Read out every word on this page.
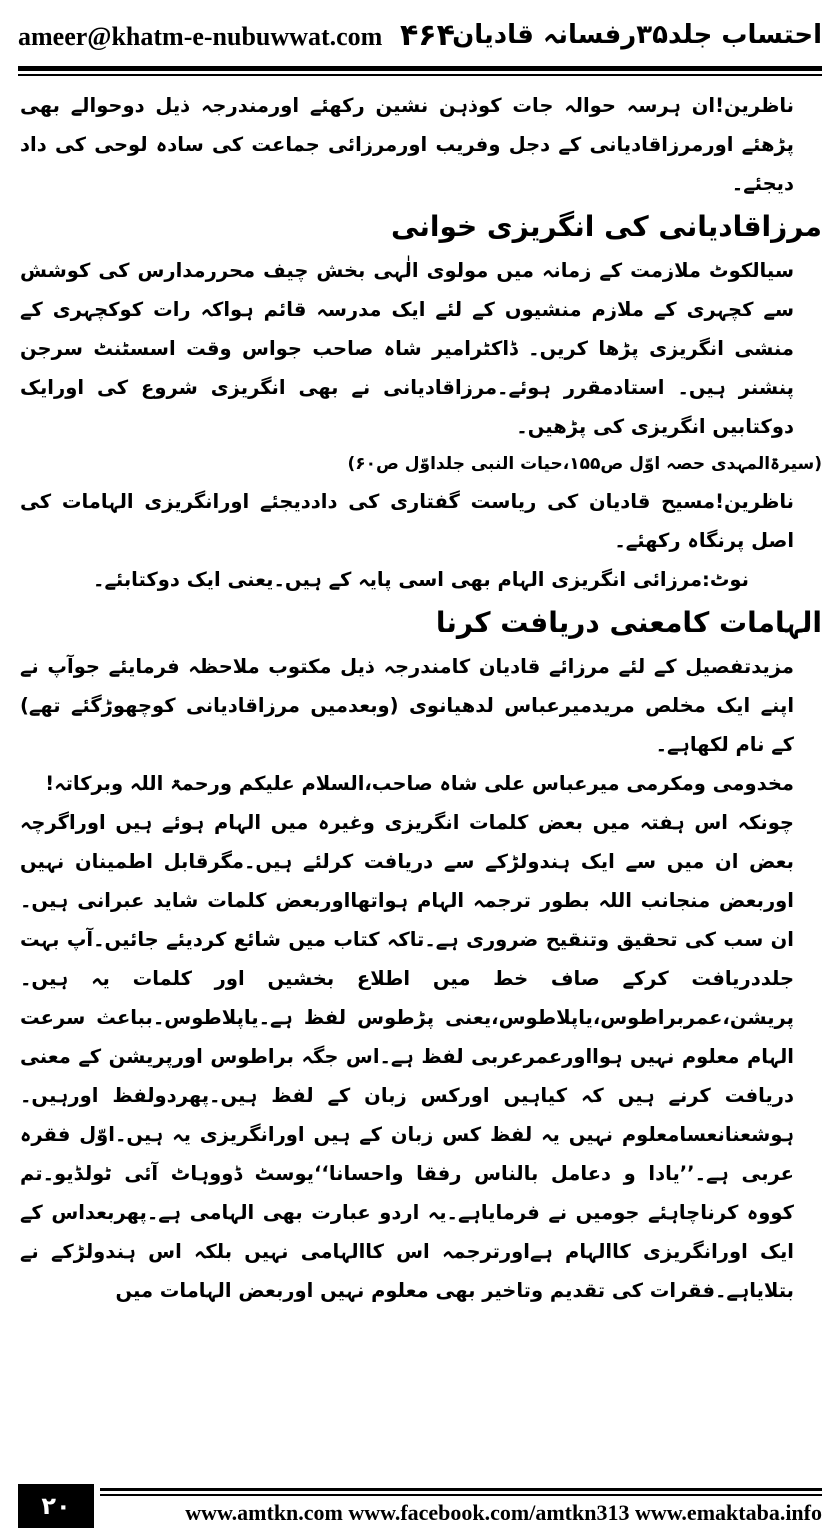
ameer@khatm-e-nubuwwat.com ۴۶۴
احتساب جلد۳۵رفسانہ قادیان

ناظرین!ان ہرسہ حوالہ جات کوذہن نشین رکھئے اورمندرجہ ذیل دوحوالے بھی پڑھئے اورمرزاقادیانی کے دجل وفریب اورمرزائی جماعت کی سادہ لوحی کی داد دیجئے۔

مرزاقادیانی کی انگریزی خوانی

سیالکوٹ ملازمت کے زمانہ میں مولوی الٰہی بخش چیف محررمدارس کی کوشش سے کچہری کے ملازم منشیوں کے لئے ایک مدرسہ قائم ہواکہ رات کوکچہری کے منشی انگریزی پڑھا کریں۔ ڈاکٹرامیر شاہ صاحب جواس وقت اسسٹنٹ سرجن پنشنر ہیں۔ استادمقرر ہوئے۔مرزاقادیانی نے بھی انگریزی شروع کی اورایک دوکتابیں انگریزی کی پڑھیں۔

(سیرۃالمہدی حصہ اوّل ص۱۵۵،حیات النبی جلداوّل ص۶۰)

ناظرین!مسیح قادیان کی ریاست گفتاری کی داددیجئے اورانگریزی الہامات کی اصل پرنگاہ رکھئے۔

نوٹ:مرزائی انگریزی الہام بھی اسی پایہ کے ہیں۔یعنی ایک دوکتابئے۔

الہامات کامعنی دریافت کرنا

مزیدتفصیل کے لئے مرزائے قادیان کامندرجہ ذیل مکتوب ملاحظہ فرمایئے جوآپ نے اپنے ایک مخلص مریدمیرعباس لدھیانوی (وبعدمیں مرزاقادیانی کوچھوڑگئے تھے) کے نام لکھاہے۔

مخدومی ومکرمی میرعباس علی شاہ صاحب،السلام علیکم ورحمۃ اللہ وبرکاتہ!

چونکہ اس ہفتہ میں بعض کلمات انگریزی وغیرہ میں الہام ہوئے ہیں اوراگرچہ بعض ان میں سے ایک ہندولڑکے سے دریافت کرلئے ہیں۔مگرقابل اطمینان نہیں اوربعض منجانب اللہ بطور ترجمہ الہام ہواتھااوربعض کلمات شاید عبرانی ہیں۔ان سب کی تحقیق وتنقیح ضروری ہے۔تاکہ کتاب میں شائع کردیئے جائیں۔آپ بہت جلددریافت کرکے صاف خط میں اطلاع بخشیں اور کلمات یہ ہیں۔پریشن،عمربراطوس،یاپلاطوس،یعنی پڑطوس لفظ ہے۔یاپلاطوس۔بباعث سرعت الہام معلوم نہیں ہوااورعمرعربی لفظ ہے۔اس جگہ براطوس اورپریشن کے معنی دریافت کرنے ہیں کہ کیاہیں اورکس زبان کے لفظ ہیں۔پھردولفظ اورہیں۔ہوشعنانعسامعلوم نہیں یہ لفظ کس زبان کے ہیں اورانگریزی یہ ہیں۔اوّل فقرہ عربی ہے۔’’یادا و دعامل بالناس رفقا واحسانا‘‘یوسٹ ڈووہاٹ آئی ٹولڈیو۔تم کووہ کرناچاہئے جومیں نے فرمایاہے۔یہ اردو عبارت بھی الہامی ہے۔پھربعداس کے ایک اورانگریزی کاالہام ہےاورترجمہ اس کاالہامی نہیں بلکہ اس ہندولڑکے نے بتلایاہے۔فقرات کی تقدیم وتاخیر بھی معلوم نہیں اوربعض الہامات میں

۲۰	www.amtkn.com www.facebook.com/amtkn313 www.emaktaba.info
